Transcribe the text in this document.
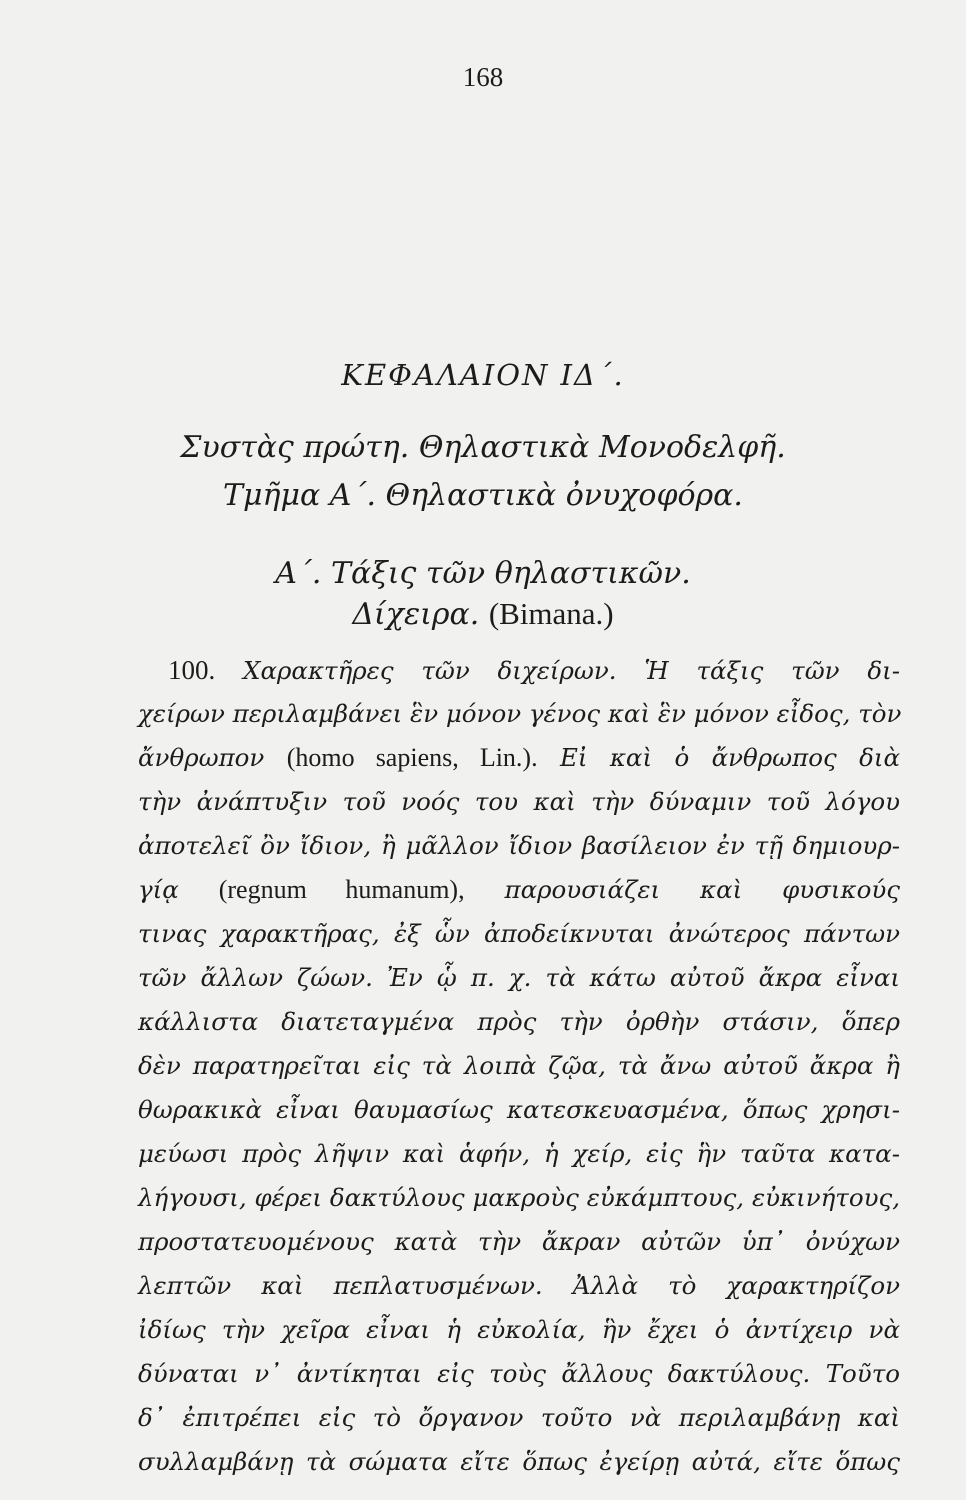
168
ΚΕΦΑΛΑΙΟΝ ΙΔ΄.
Συστὰς πρώτη. Θηλαστικὰ Μονοδελφῆ.
Τμῆμα Α΄. Θηλαστικὰ ὀνυχοφόρα.
Α΄. Τάξις τῶν θηλαστικῶν.
Δίχειρα. (Bimana.)
100. Χαρακτῆρες τῶν διχείρων. Ἡ τάξις τῶν δι-
χείρων περιλαμβάνει ἓν μόνον γένος καὶ ἓν μόνον εἶδος, τὸν
ἄνθρωπον (homo sapiens, Lin.). Εἰ καὶ ὁ ἄνθρωπος διὰ
τὴν ἀνάπτυξιν τοῦ νοός του καὶ τὴν δύναμιν τοῦ λόγου
ἀποτελεῖ ὂν ἴδιον, ἢ μᾶλλον ἴδιον βασίλειον ἐν τῇ δημιουρ-
γίᾳ (regnum humanum), παρουσιάζει καὶ φυσικούς
τινας χαρακτῆρας, ἐξ ὧν ἀποδείκνυται ἀνώτερος πάντων
τῶν ἄλλων ζώων. Ἐν ᾧ π. χ. τὰ κάτω αὐτοῦ ἄκρα εἶναι
κάλλιστα διατεταγμένα πρὸς τὴν ὀρθὴν στάσιν, ὅπερ
δὲν παρατηρεῖται εἰς τὰ λοιπὰ ζῷα, τὰ ἄνω αὐτοῦ ἄκρα ἢ
θωρακικὰ εἶναι θαυμασίως κατεσκευασμένα, ὅπως χρησι-
μεύωσι πρὸς λῆψιν καὶ ἁφήν, ἡ χείρ, εἰς ἣν ταῦτα κατα-
λήγουσι, φέρει δακτύλους μακροὺς εὐκάμπτους, εὐκινήτους,
προστατευομένους κατὰ τὴν ἄκραν αὐτῶν ὑπ᾽ ὀνύχων
λεπτῶν καὶ πεπλατυσμένων. Ἀλλὰ τὸ χαρακτηρίζον
ἰδίως τὴν χεῖρα εἶναι ἡ εὐκολία, ἣν ἔχει ὁ ἀντίχειρ νὰ
δύναται ν᾽ ἀντίκηται εἰς τοὺς ἄλλους δακτύλους. Τοῦτο
δ᾽ ἐπιτρέπει εἰς τὸ ὄργανον τοῦτο νὰ περιλαμβάνῃ καὶ
συλλαμβάνῃ τὰ σώματα εἴτε ὅπως ἐγείρῃ αὐτά, εἴτε ὅπως
